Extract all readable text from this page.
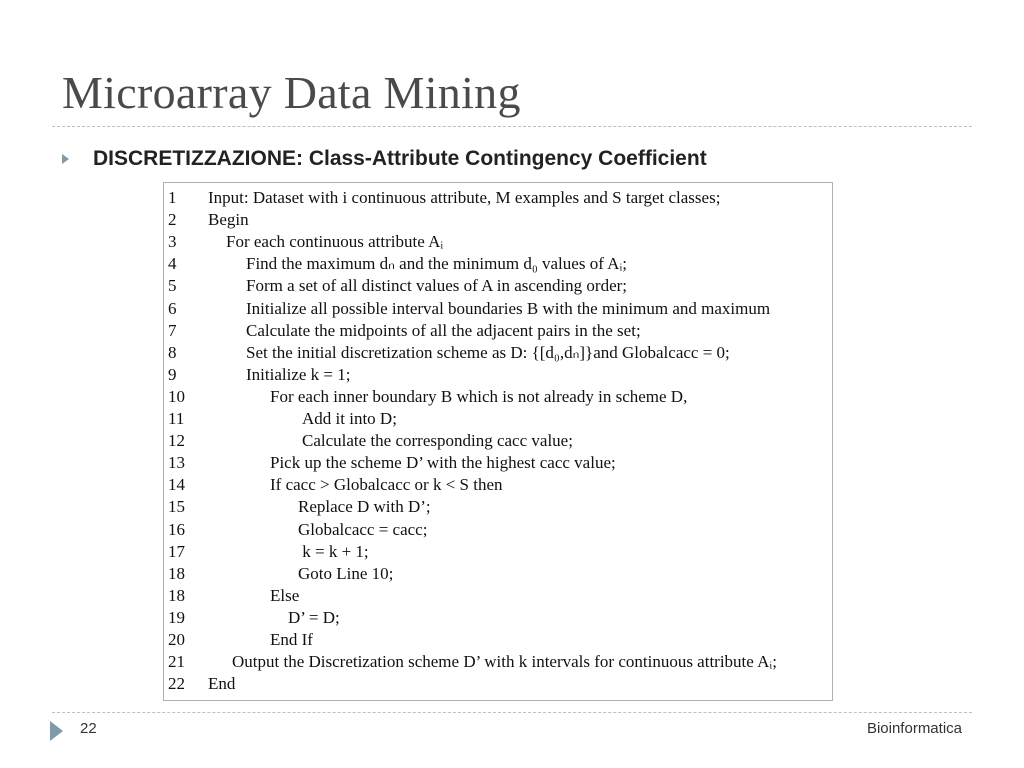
Microarray Data Mining
DISCRETIZZAZIONE: Class-Attribute Contingency Coefficient
1 Input: Dataset with i continuous attribute, M examples and S target classes;
2 Begin
3	For each continuous attribute Aᵢ
4	Find the maximum dₙ and the minimum d₀ values of Aᵢ;
5	Form a set of all distinct values of A in ascending order;
6	Initialize all possible interval boundaries B with the minimum and maximum
7	Calculate the midpoints of all the adjacent pairs in the set;
8	Set the initial discretization scheme as D: {[d₀,dₙ]}and Globalcacc = 0;
9	Initialize k = 1;
10	For each inner boundary B which is not already in scheme D,
11	Add it into D;
12	Calculate the corresponding cacc value;
13	Pick up the scheme D’ with the highest cacc value;
14	If cacc > Globalcacc or k < S then
15	Replace D with D’;
16	Globalcacc = cacc;
17	k = k + 1;
18	Goto Line 10;
18	Else
19	D’ = D;
20	End If
21	Output the Discretization scheme D’ with k intervals for continuous attribute Aᵢ;
22 End
22	Bioinformatica
